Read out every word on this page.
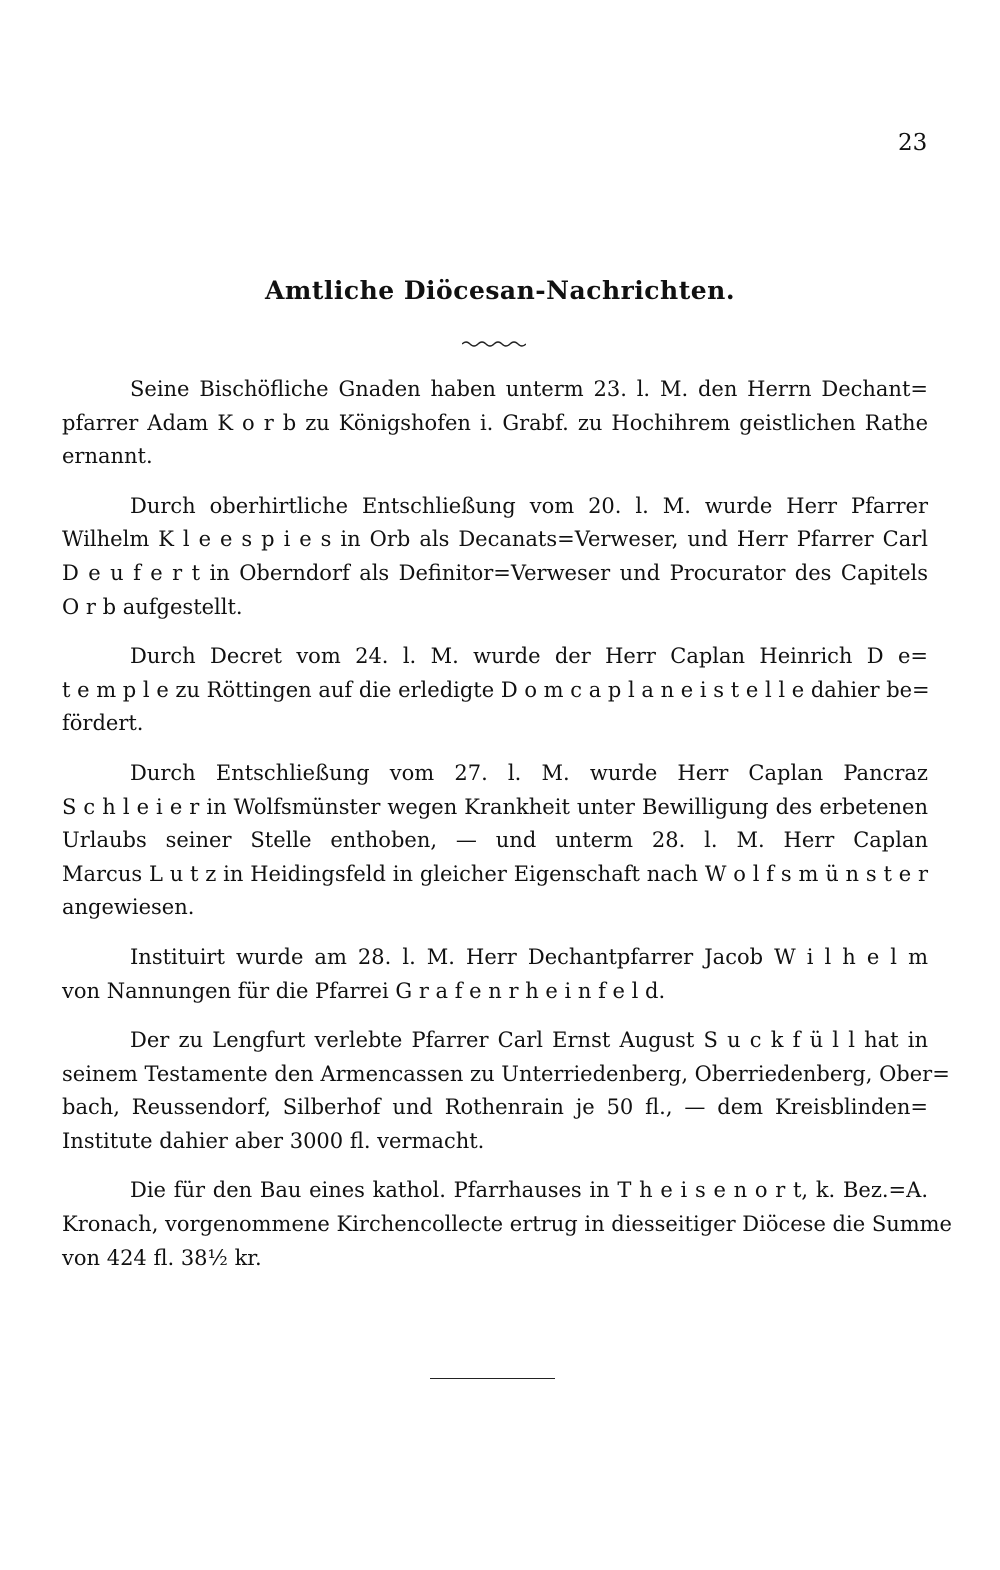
23
Amtliche Diöcesan-Nachrichten.
Seine Bischöfliche Gnaden haben unterm 23. l. M. den Herrn Dechant=
pfarrer Adam K o r b zu Königshofen i. Grabf. zu Hochihrem geistlichen Rathe
ernannt.
Durch oberhirtliche Entschließung vom 20. l. M. wurde Herr Pfarrer
Wilhelm K l e e s p i e s in Orb als Decanats=Verweser, und Herr Pfarrer Carl
D e u f e r t in Oberndorf als Definitor=Verweser und Procurator des Capitels
O r b aufgestellt.
Durch Decret vom 24. l. M. wurde der Herr Caplan Heinrich D e=
t e m p l e zu Röttingen auf die erledigte D o m c a p l a n e i s t e l l e dahier be=
fördert.
Durch Entschließung vom 27. l. M. wurde Herr Caplan Pancraz
S c h l e i e r in Wolfsmünster wegen Krankheit unter Bewilligung des erbetenen
Urlaubs seiner Stelle enthoben, — und unterm 28. l. M. Herr Caplan
Marcus L u t z in Heidingsfeld in gleicher Eigenschaft nach W o l f s m ü n s t e r
angewiesen.
Instituirt wurde am 28. l. M. Herr Dechantpfarrer Jacob W i l h e l m
von Nannungen für die Pfarrei G r a f e n r h e i n f e l d.
Der zu Lengfurt verlebte Pfarrer Carl Ernst August S u c k f ü l l hat in
seinem Testamente den Armencassen zu Unterriedenberg, Oberriedenberg, Ober=
bach, Reussendorf, Silberhof und Rothenrain je 50 fl., — dem Kreisblinden=
Institute dahier aber 3000 fl. vermacht.
Die für den Bau eines kathol. Pfarrhauses in T h e i s e n o r t, k. Bez.=A.
Kronach, vorgenommene Kirchencollecte ertrug in diesseitiger Diöcese die Summe
von 424 fl. 38½ kr.
